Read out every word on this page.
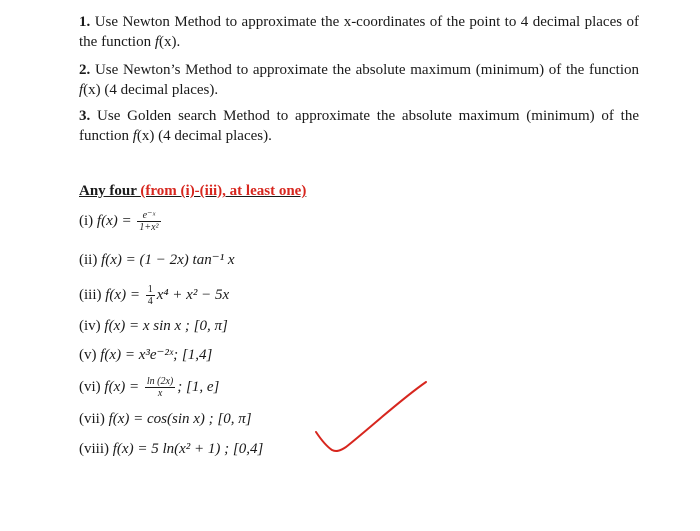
1. Use Newton Method to approximate the x-coordinates of the point to 4 decimal places of the function f(x).
2. Use Newton’s Method to approximate the absolute maximum (minimum) of the function f(x) (4 decimal places).
3. Use Golden search Method to approximate the absolute maximum (minimum) of the function f(x) (4 decimal places).
Any four (from (i)-(iii), at least one)
(i) $f(x) = \frac{\text{e⁻ˣ}}{\text{1+x²}}$
(ii) f(x) = (1 − 2x) tan⁻¹ x
(iii) $f(x) = \frac{1}{4} x^4 + x^2 - 5x$
(iv) f(x) = x sin x ; [0, π]
(v) f(x) = x³e⁻²ˣ; [1,4]
(vi) $f(x) = \frac{\ln (2x)}{x}$ ; [1, e]
(vii) f(x) = cos(sin x) ; [0, π]
(viii) f(x) = 5 ln(x² + 1) ; [0,4]
